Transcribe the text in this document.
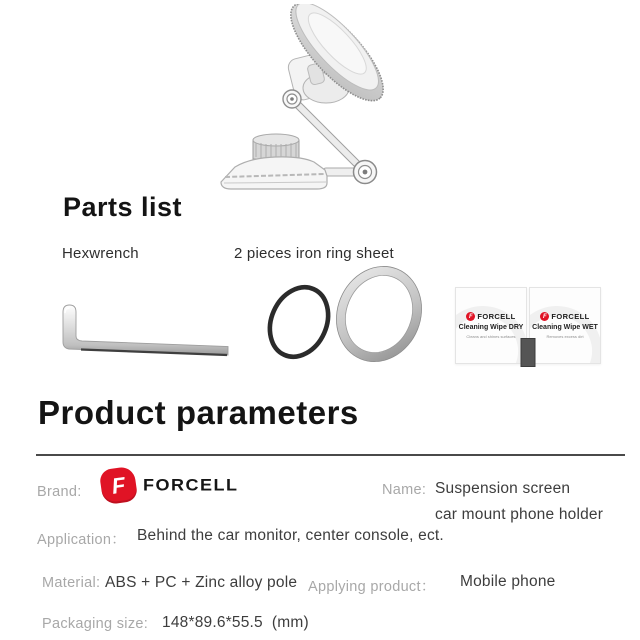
Parts list
Hexwrench	2 pieces iron ring sheet
F FORCELL
Cleaning Wipe DRY
Cleans and shines surfaces
F FORCELL
Cleaning Wipe WET
Removes excess dirt
Product parameters
Brand:	F FORCELL	Name: Suspension screen
car mount phone holder
Application： Behind the car monitor, center console, ect.
Material: ABS + PC + Zinc alloy pole Applying product： Mobile phone
Packaging size: 148*89.6*55.5  (mm)
